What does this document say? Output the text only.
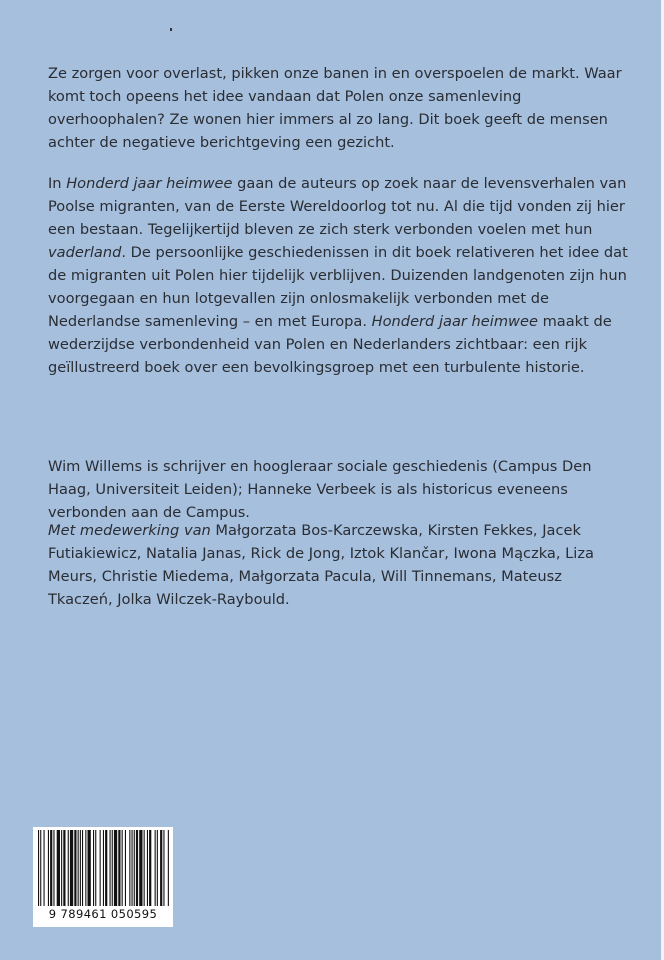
Ze zorgen voor overlast, pikken onze banen in en overspoelen de markt. Waar komt toch opeens het idee vandaan dat Polen onze samenleving overhoophalen? Ze wonen hier immers al zo lang. Dit boek geeft de mensen achter de negatieve berichtgeving een gezicht.

In Honderd jaar heimwee gaan de auteurs op zoek naar de levensverhalen van Poolse migranten, van de Eerste Wereldoorlog tot nu. Al die tijd vonden zij hier een bestaan. Tegelijkertijd bleven ze zich sterk verbonden voelen met hun vaderland. De persoonlijke geschiedenissen in dit boek relativeren het idee dat de migranten uit Polen hier tijdelijk verblijven. Duizenden landgenoten zijn hun voorgegaan en hun lotgevallen zijn onlosmakelijk verbonden met de Nederlandse samenleving – en met Europa. Honderd jaar heimwee maakt de wederzijdse verbondenheid van Polen en Nederlanders zichtbaar: een rijk geïllustreerd boek over een bevolkingsgroep met een turbulente historie.

Wim Willems is schrijver en hoogleraar sociale geschiedenis (Campus Den Haag, Universiteit Leiden); Hanneke Verbeek is als historicus eveneens verbonden aan de Campus.

Met medewerking van Małgorzata Bos-Karczewska, Kirsten Fekkes, Jacek Futiakiewicz, Natalia Janas, Rick de Jong, Iztok Klančar, Iwona Mączka, Liza Meurs, Christie Miedema, Małgorzata Pacula, Will Tinnemans, Mateusz Tkaczeń, Jolka Wilczek-Raybould.

9 789461 050595
